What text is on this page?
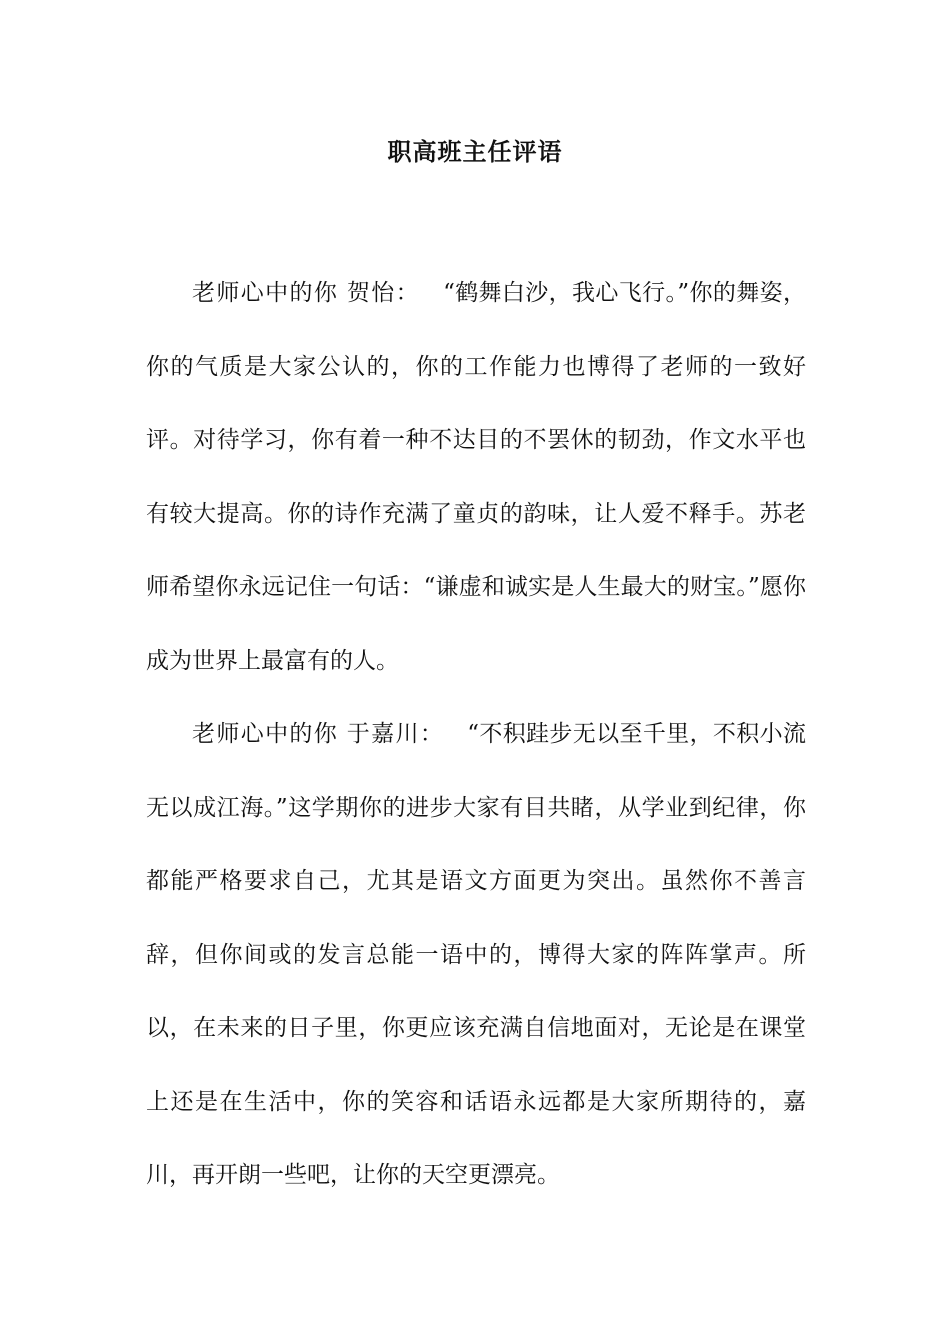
职高班主任评语

老师心中的你 贺怡： “鹤舞白沙，我心飞行。”你的舞姿，你的气质是大家公认的，你的工作能力也博得了老师的一致好评。对待学习，你有着一种不达目的不罢休的韧劲，作文水平也有较大提高。你的诗作充满了童贞的韵味，让人爱不释手。苏老师希望你永远记住一句话：“谦虚和诚实是人生最大的财宝。”愿你成为世界上最富有的人。

老师心中的你 于嘉川： “不积跬步无以至千里，不积小流无以成江海。”这学期你的进步大家有目共睹，从学业到纪律，你都能严格要求自己，尤其是语文方面更为突出。虽然你不善言辞，但你间或的发言总能一语中的，博得大家的阵阵掌声。所以，在未来的日子里，你更应该充满自信地面对，无论是在课堂上还是在生活中，你的笑容和话语永远都是大家所期待的，嘉川，再开朗一些吧，让你的天空更漂亮。
